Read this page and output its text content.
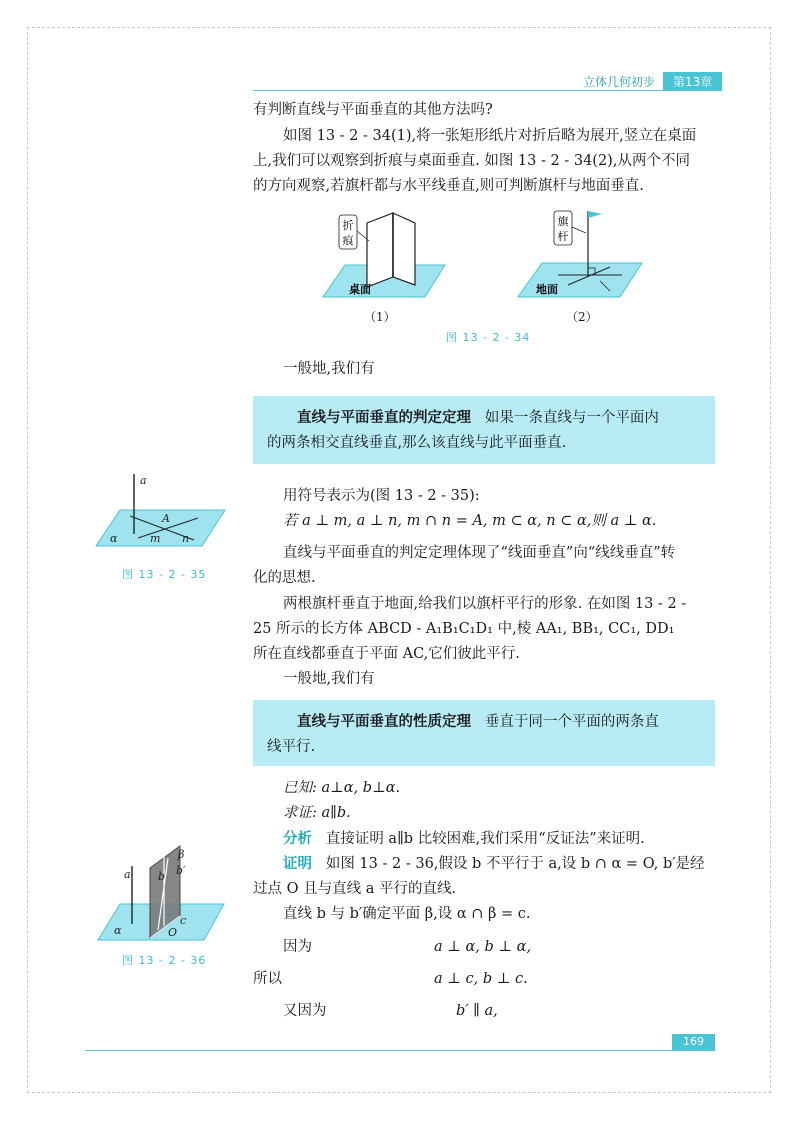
立体几何初步	第13章

有判断直线与平面垂直的其他方法吗?

如图 13 - 2 - 34(1),将一张矩形纸片对折后略为展开,竖立在桌面

上,我们可以观察到折痕与桌面垂直. 如图 13 - 2 - 34(2),从两个不同

的方向观察,若旗杆都与水平线垂直,则可判断旗杆与地面垂直.

折
痕
桌面
（1）
旗
杆
地面
（2）
图 13 - 2 - 34

一般地,我们有

直线与平面垂直的判定定理 如果一条直线与一个平面内
的两条相交直线垂直,那么该直线与此平面垂直.
a
A
m n
α
图 13 - 2 - 35

用符号表示为(图 13 - 2 - 35):

若 a ⊥ m, a ⊥ n, m ∩ n = A, m ⊂ α, n ⊂ α,则 a ⊥ α.

直线与平面垂直的判定定理体现了“线面垂直”向“线线垂直”转

化的思想.

两根旗杆垂直于地面,给我们以旗杆平行的形象. 在如图 13 - 2 -

25 所示的长方体 ABCD - A₁B₁C₁D₁ 中,棱 AA₁, BB₁, CC₁, DD₁

所在直线都垂直于平面 AC,它们彼此平行.

一般地,我们有

直线与平面垂直的性质定理 垂直于同一个平面的两条直
线平行.
a b b′
β
c
O
α
图 13 - 2 - 36

已知: a⊥α, b⊥α.

求证: a∥b.

分析 直接证明 a∥b 比较困难,我们采用“反证法”来证明.

证明 如图 13 - 2 - 36,假设 b 不平行于 a,设 b ∩ α = O, b′是经

过点 O 且与直线 a 平行的直线.

直线 b 与 b′确定平面 β,设 α ∩ β = c.

因为	a ⊥ α, b ⊥ α,

所以	a ⊥ c, b ⊥ c.

又因为	b′ ∥ a,

169
